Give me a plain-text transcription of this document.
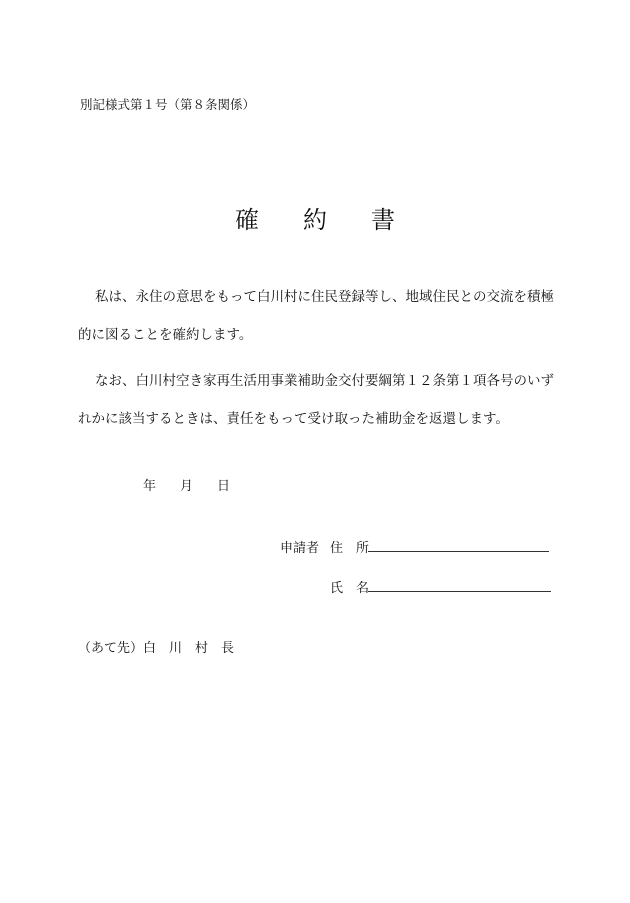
別記様式第１号（第８条関係）
確 約 書
私は、永住の意思をもって白川村に住民登録等し、地域住民との交流を積極
的に図ることを確約します。
なお、白川村空き家再生活用事業補助金交付要綱第１２条第１項各号のいず
れかに該当するときは、責任をもって受け取った補助金を返還します。
年 月 日
申請者 住　所
氏　名
（あて先）白　川　村　長
